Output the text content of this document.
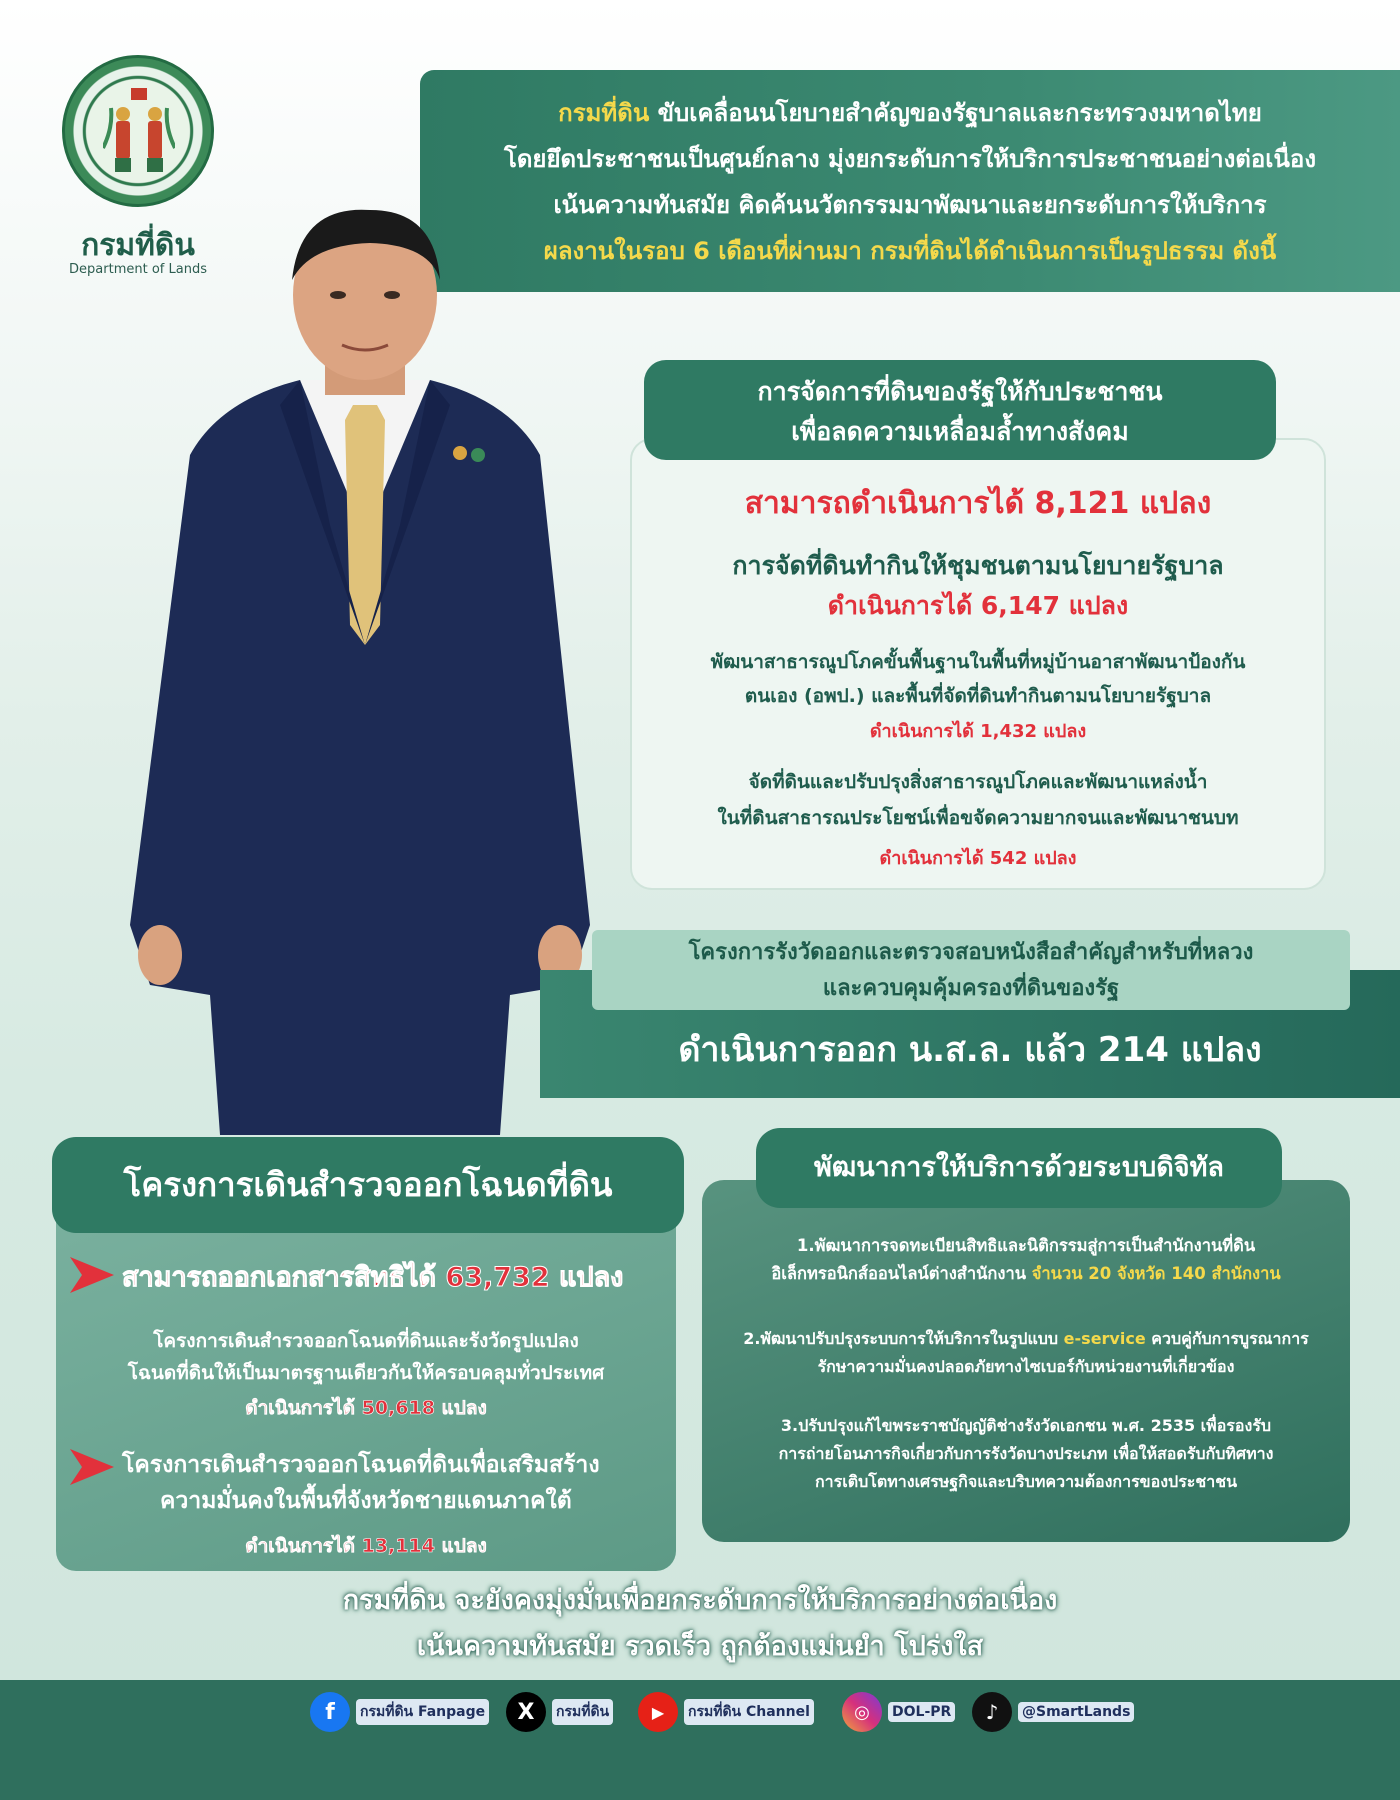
กรมที่ดิน
Department of Lands

กรมที่ดิน ขับเคลื่อนนโยบายสำคัญของรัฐบาลและกระทรวงมหาดไทย

โดยยึดประชาชนเป็นศูนย์กลาง มุ่งยกระดับการให้บริการประชาชนอย่างต่อเนื่อง

เน้นความทันสมัย คิดค้นนวัตกรรมมาพัฒนาและยกระดับการให้บริการ

ผลงานในรอบ 6 เดือนที่ผ่านมา กรมที่ดินได้ดำเนินการเป็นรูปธรรม ดังนี้

การจัดการที่ดินของรัฐให้กับประชาชน
เพื่อลดความเหลื่อมล้ำทางสังคม
สามารถดำเนินการได้ 8,121 แปลง
การจัดที่ดินทำกินให้ชุมชนตามนโยบายรัฐบาล
ดำเนินการได้ 6,147 แปลง
พัฒนาสาธารณูปโภคขั้นพื้นฐานในพื้นที่หมู่บ้านอาสาพัฒนาป้องกัน
ตนเอง (อพป.) และพื้นที่จัดที่ดินทำกินตามนโยบายรัฐบาล
ดำเนินการได้ 1,432 แปลง
จัดที่ดินและปรับปรุงสิ่งสาธารณูปโภคและพัฒนาแหล่งน้ำ
ในที่ดินสาธารณประโยชน์เพื่อขจัดความยากจนและพัฒนาชนบท
ดำเนินการได้ 542 แปลง
โครงการรังวัดออกและตรวจสอบหนังสือสำคัญสำหรับที่หลวง
และควบคุมคุ้มครองที่ดินของรัฐ
ดำเนินการออก น.ส.ล. แล้ว 214 แปลง
โครงการเดินสำรวจออกโฉนดที่ดิน
สามารถออกเอกสารสิทธิได้ 63,732 แปลง
โครงการเดินสำรวจออกโฉนดที่ดินและรังวัดรูปแปลง
โฉนดที่ดินให้เป็นมาตรฐานเดียวกันให้ครอบคลุมทั่วประเทศ
ดำเนินการได้ 50,618 แปลง
โครงการเดินสำรวจออกโฉนดที่ดินเพื่อเสริมสร้าง
ความมั่นคงในพื้นที่จังหวัดชายแดนภาคใต้
ดำเนินการได้ 13,114 แปลง
พัฒนาการให้บริการด้วยระบบดิจิทัล
1.พัฒนาการจดทะเบียนสิทธิและนิติกรรมสู่การเป็นสำนักงานที่ดิน
อิเล็กทรอนิกส์ออนไลน์ต่างสำนักงาน จำนวน 20 จังหวัด 140 สำนักงาน
2.พัฒนาปรับปรุงระบบการให้บริการในรูปแบบ e-service ควบคู่กับการบูรณาการ
รักษาความมั่นคงปลอดภัยทางไซเบอร์กับหน่วยงานที่เกี่ยวข้อง
3.ปรับปรุงแก้ไขพระราชบัญญัติช่างรังวัดเอกชน พ.ศ. 2535 เพื่อรองรับ
การถ่ายโอนภารกิจเกี่ยวกับการรังวัดบางประเภท เพื่อให้สอดรับกับทิศทาง
การเติบโตทางเศรษฐกิจและบริบทความต้องการของประชาชน
กรมที่ดิน จะยังคงมุ่งมั่นเพื่อยกระดับการให้บริการอย่างต่อเนื่อง
เน้นความทันสมัย รวดเร็ว ถูกต้องแม่นยำ โปร่งใส
f	กรมที่ดิน Fanpage	X	กรมที่ดิน	▶	กรมที่ดิน Channel	◎	DOL-PR	♪	@SmartLands
